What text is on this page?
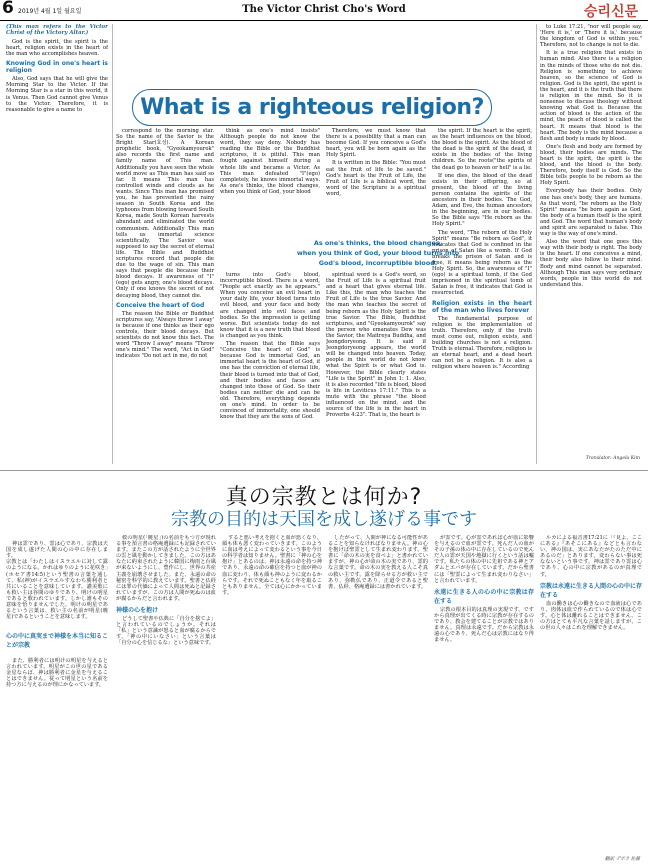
6 2019년 4월 1일 월요일	The Victor Christ Cho's Word	승리신문
(This man refers to the Victor Christ of the Victory Altar.)

God is the spirit, the spirit is the heart, religion exists in the heart of the man who accomplishes heaven.

Knowing God in one's heart is religion

Also, God says that he will give the Morning Star to the Victor. If the Morning Star is a star in this world, it is Venus. Then God cannot give Venus to the Victor. Therefore, it is reasonable to give a name to	What is a righteous religion?

correspond to the morning star. So the name of the Savior is the Bright Star(효성). A Korean prophetic book, "Gyeokamyourok" also records the first name and family name of This man. Additionally you have seen the whole world move as This man has said so far. It means This man has controlled winds and clouds as he wants. Since This man has promised you, he has prevented the rainy season in South Korea and the typhoons from blowing toward South Korea, made South Korean harvests abundant and eliminated the world communism. Additionally This man tells us immortal science scientifically. The Savior was supposed to say the secret of eternal life. The Bible and Buddhist scriptures record that people die due to the wage of sin. This man says that people die because their blood decays. If awareness of "I"(ego) gets angry, one's blood decays. Only if one knows the secret of not decaying blood, they cannot die.

Conceive the heart of God

The reason the Bible or Buddhist scriptures say, 'Always throw I away' is because if one thinks as their ego controls, their blood decays. But scientists do not know this fact. The word "Throw I away" means "Throw one's mind." The word, "Act in God" indicates "Do not act in me, do not

think as one's mind insists" Although people do not know the word, they say deny. Nobody has reading the Bible or the Buddhist scriptures, it is pitiful. This man fought against himself during a whole life and became a Victor. As This man defeated "I"(ego) completely, he knows immortal ways. As one's thinks, the blood changes, when you think of God, your blood

As one's thinks, the blood changes,
when you think of God, your blood turns into
God's blood, incorruptible blood.

turns into God's blood, incorruptible blood. There is a word, "People act exactly as he appears." When you conceive an evil heart in your daily life, your blood turns into evil blood, and your face and body are changed into evil faces and bodies. So the impression is getting worse. But scientists today do not know that it is a new truth that blood is changed as you think.

The reason that the Bible says "Conceive the heart of God" is because God is immortal God, an immortal heart is the heart of God, if one has the conviction of eternal life, their blood is turned into that of God, and their bodies and faces are changed into those of God. So their bodies can neither die and can be old. Therefore, everything depends on one's mind. In order to be convinced of immortality, one should know that they are the sons of God.

Therefore, we must know that there is a possibility that a man can become God. If you conceive a God's heart, you will be born again as the Holy Spirit.

It is written in the Bible: "You must eat the fruit of life to be saved." God's heart is the Fruit of Life, the Fruit of Life is a biblical word, the word of the Scripture is a spiritual word,

spiritual word is a God's word, so the Fruit of Life is a spiritual fruit and a heart that gives eternal life. Like this, the man who teaches the Fruit of Life is the true Savior. And the man who teaches the secret of being reborn as the Holy Spirit is the true Savior. The Bible, Buddhist scriptures, and "Gyeokamyourok" say the person who emanates Dew was the Savior, the Maitreya Buddha, and Jeongdoryeong. It is said if Jeongdoryeong appears, the world will be changed into heaven. Today, people in this world do not know what the Spirit is or what God is. However, the Bible clearly states "Life is the Spirit" in John 1: 1. Also, it is also recorded "life is blood, blood is life in Leviticus 17:11." This is a mute with the phrase "the blood influenced on the mind, and the source of the life is in the heart in Proverbs 4:23". That is, the heart is

the spirit. If the heart is the spirit, as the heart influences on the blood, the blood is the spirit. As the blood of the dead is the spirit of the dead, it exists in the bodies of the living children. So the roots("the spirits of the dead go to heaven or hell" is a lie.

If one dies, the blood of the dead exists in their offspring, so at present, the blood of the living person contains the spirits of the ancestors in their bodies. The God, Adam, and Eve, the human ancestors in the beginning, are in our bodies. So the Bible says "He reborn as the Holy Spirit."

The word, "The reborn of the Holy Spirit" means "Be reborn as God", it indicates that God is confined in the prison of Satan like a womb. If God breaks the prison of Satan and is free, it means being reborn as the Holy Spirit. So, the awareness of "I"(ego) is a spiritual tomb, if the God imprisoned in the spiritual tomb of Satan is free, it indicates that God is resurrected.

Religion exists in the heart of the man who lives forever

The fundamental purpose of religion is the implementation of truth. Therefore, only if the truth must come out, religion exists, and building churches is not a religion. Truth is eternal. Therefore, religion is an eternal heart, and a dead heart can not be a religion. It is also a religion where heaven is." According

to Luke 17:21, "nor will people say, 'Here it is,' or 'There it is,' because the kingdom of God is within you." Therefore, not to change is not to die.

It is a true religion that exists in human mind. Also there is a religion in the minds of those who do not die. Religion is something to achieve heaven, so the science of God is religion. God is the spirit, the spirit is the heart, and it is the truth that there is religion in the mind. So it is nonsense to discuss theology without knowing what God is. Because the action of blood is the action of the mind, the peach of blood is called the heart. It means that blood is the heart. The body is the mind because a flesh and body is made by blood.

One's flesh and body are formed by blood, their bodies are minds. The heart is the spirit, the spirit is the blood, and the blood is the body. Therefore, body itself is God. So the Bible tells people to be reborn as the Holy Spirit.

Everybody has their bodies. Only one has one's body, they are humans. As that word, "be reborn as the Holy Spirit" means "be born again as God, the body of a human itself is the spirit and God. The word that human's body and spirit are separated is false. This way is the way of one's mind.

Also the word that one goes this way with their body is right. The body is the heart. If one conceives a mind, their body also follow to their mind. Body and mind cannot be separated. Although This man says very ordinary words, people in this world do not understand this.

Translator: Angela Kim
真の宗教とは何か?
宗教の目的は天国を成し遂げる事です

神は霊であり、霊は心であり、宗教は天国を成し遂げた人間の心の中に存在します。
宗教とは「わたしはイスラエルに対して露のようになる。かれはゆりのように花咲き」(ホセア書14:5)という聖書の言葉を通して、私(神)がイスラエルすなわち勝利者と共にいることを意味しています。讃美歌にも救い主は谷間のゆりであり、明けの明星であると歌われています。しかし誰もその意味を悟りませんでした。明けの明星であるという言葉は、救い主の名前が明星(暁星)であるということを意味します。

心の中に真実まで神様を本当に知ることが宗教

また、勝利者には明けの明星を与えると言われています。明星がこの世の星である金星ならば、神は勝利者に金星を与えることはできません。従って明星という名前を持つ方に与えるのが理にかなっています。

救の明星(「暁星」)の名前をもつ方が現れる事を預言書の格庵遺録にも記録されています。またこの方が話されたように全世界の雲と風を動かしてきました。この方はあなたに約束されたように韓国に梅雨と台風が来ないようにし、豊作にし、世界の共産主義を崩壊させました。また、永遠の命の秘密を科学的に教えています。聖書と仏経には罪の代価によって人間は死ぬと記録されていますが、この方は人間が死ぬのは血が腐るからだと言われます。

神様の心を抱け

どうして聖書や仏典に「自分を捨てよ」と言われているのでしょうか。それは「私」という意識が怒ると血が腐るからです。「神の中にいなさい」という言葉は「自分の心を信じるな」という意味です。

すると悪い考えを抱くと血が悪くなり、顔も体も悪く変わっていきます。このように血は考えによって変わるという事を今日の科学者は知りません。聖書に「神の心を抱け」とあるのは、神は永遠の命を持つ神であり、永遠の命の確信を持つと血が神の血に変わり、体も顔も神のように変わるからです。それで死ぬこともなく年を取ることもありません。全ては心にかかっています。

したがって、人間が神になる可能性があることを知らなければなりません。神の心を抱けば聖霊として生まれ変わります。聖書に「命の木の実を食べよ」と書かれていますが、神の心が命の木の実であり、霊的な言葉です。命の木の実を教える人こそ真の救い主です。露を降らせる方が救い主であり、弥勒仏であり、正道令であると聖書、仏経、格庵遺録には書かれています。

が霊です。心が霊であれば心が血に影響を与えるので血が霊です。死んだ人の血がその子孫の体の中に存在しているので死んだ人の霊が天国や地獄に行くという話は嘘です。私たちの体の中に先祖である神とアダムとエバが存在しています。だから聖書には「聖霊によって生まれ変わりなさい」と言われています。

永遠に生きる人の心の中に宗教は存在する

宗教の根本目的は真理の実現です。ですから真理が出てくる時に宗教が存在するのであり、教会を建てることが宗教ではありません。真理は永遠です。だから宗教は永遠の心であり、死んだ心は宗教にはなり得ません。

ルカによる福音書17:21に「『見よ、ここにある』『あそこにある』などとも言わない。神の国は、実にあなたがたのただ中にあるのだ」とあります。変わらない事は死なないという事です。神は霊であり霊は心であり、心の中に宗教があるのが真理です。

宗教は永遠に生きる人間の心の中に存在する

血の働きは心の働きなので血液は心であり、肉体は血で作られているので体は心です。心と体は離れることはできません。この方はとても平凡な言葉を話しますが、この世の人々はこれを理解できません。

翻訳 デボラ 佐藤
